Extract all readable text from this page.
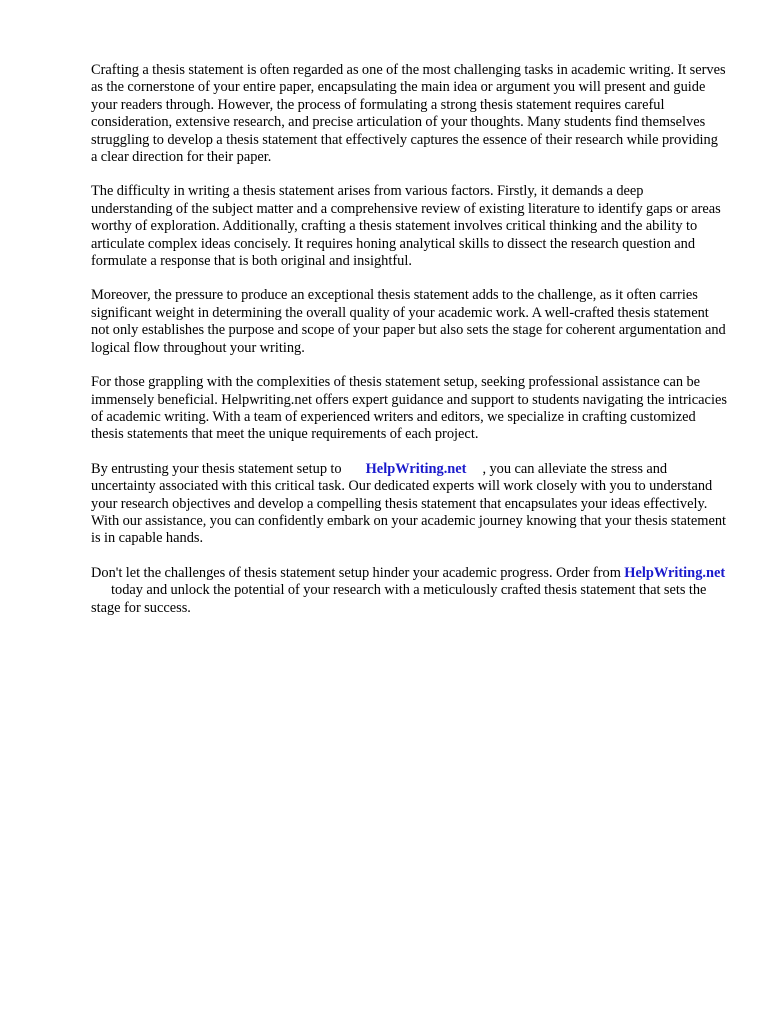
Crafting a thesis statement is often regarded as one of the most challenging tasks in academic writing. It serves as the cornerstone of your entire paper, encapsulating the main idea or argument you will present and guide your readers through. However, the process of formulating a strong thesis statement requires careful consideration, extensive research, and precise articulation of your thoughts. Many students find themselves struggling to develop a thesis statement that effectively captures the essence of their research while providing a clear direction for their paper.

The difficulty in writing a thesis statement arises from various factors. Firstly, it demands a deep understanding of the subject matter and a comprehensive review of existing literature to identify gaps or areas worthy of exploration. Additionally, crafting a thesis statement involves critical thinking and the ability to articulate complex ideas concisely. It requires honing analytical skills to dissect the research question and formulate a response that is both original and insightful.

Moreover, the pressure to produce an exceptional thesis statement adds to the challenge, as it often carries significant weight in determining the overall quality of your academic work. A well-crafted thesis statement not only establishes the purpose and scope of your paper but also sets the stage for coherent argumentation and logical flow throughout your writing.

For those grappling with the complexities of thesis statement setup, seeking professional assistance can be immensely beneficial. Helpwriting.net offers expert guidance and support to students navigating the intricacies of academic writing. With a team of experienced writers and editors, we specialize in crafting customized thesis statements that meet the unique requirements of each project.

By entrusting your thesis statement setup to HelpWriting.net , you can alleviate the stress and uncertainty associated with this critical task. Our dedicated experts will work closely with you to understand your research objectives and develop a compelling thesis statement that encapsulates your ideas effectively. With our assistance, you can confidently embark on your academic journey knowing that your thesis statement is in capable hands.

Don't let the challenges of thesis statement setup hinder your academic progress. Order from HelpWriting.nettoday and unlock the potential of your research with a meticulously crafted thesis statement that sets the stage for success.
